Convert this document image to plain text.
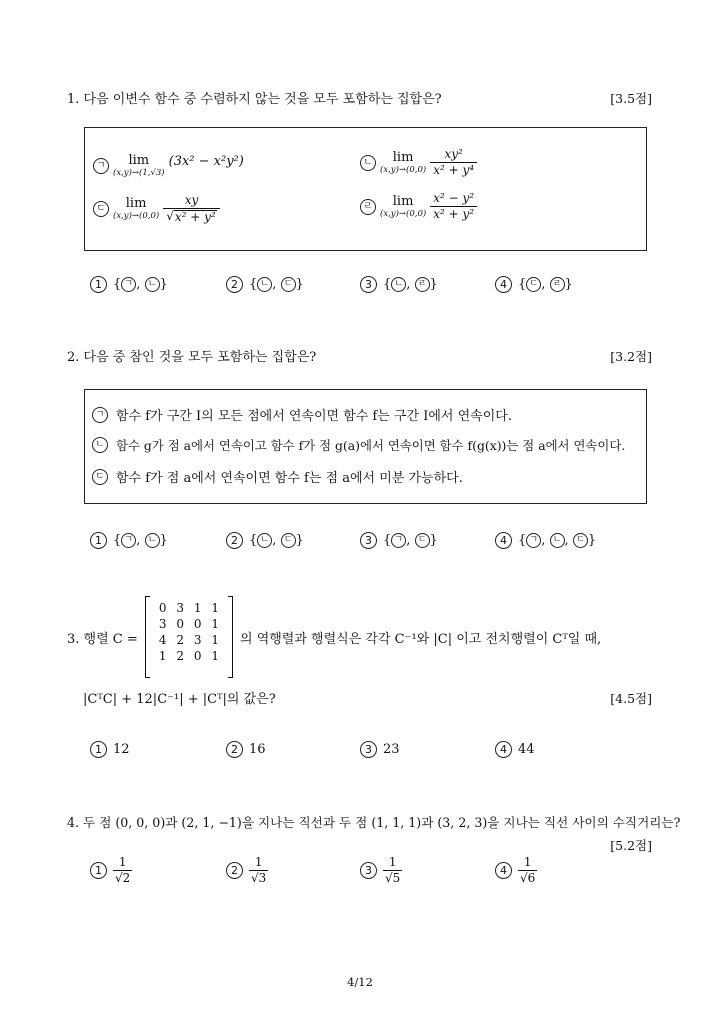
1. 다음 이변수 함수 중 수렴하지 않는 것을 모두 포함하는 집합은?	[3.5점]
ㄱ lim
(x,y)→(1,√3)
(3x² − x²y²)	ㄴ lim
$(x,y)\to(0,0) \frac{\text{xy²}}{\text{x² + y⁴}}$
ㄷ lim
$(x,y)\to(0,0) \frac{xy}{\text{√ x² + y²}}$	ㄹ lim
$(x,y)\to(0,0) \frac{\text{x² − y²}}{\text{x² + y²}}$
1 { ㄱ , ㄴ }	2 { ㄴ , ㄷ }	3 { ㄴ , ㄹ }	4 { ㄷ , ㄹ }
2. 다음 중 참인 것을 모두 포함하는 집합은?	[3.2점]
ㄱ 함수 f가 구간 I의 모든 점에서 연속이면 함수 f는 구간 I에서 연속이다.
ㄴ 함수 g가 점 a에서 연속이고 함수 f가 점 g(a)에서 연속이면 함수 f(g(x))는 점 a에서 연속이다.
ㄷ 함수 f가 점 a에서 연속이면 함수 f는 점 a에서 미분 가능하다.
1 { ㄱ , ㄴ }	2 { ㄴ , ㄷ }	3 { ㄱ , ㄷ }	4 { ㄱ , ㄴ , ㄷ }
3. 행렬 C =
0 3 1 1
3 0 0 1
4 2 3 1
1 2 0 1
의 역행렬과 행렬식은 각각 C⁻¹와 |C| 이고 전치행렬이 Cᵀ일 때,
|CᵀC| + 12|C⁻¹| + |Cᵀ|의 값은?	[4.5점]
1 12	2 16	3 23	4 44
4. 두 점 (0, 0, 0)과 (2, 1, −1)을 지나는 직선과 두 점 (1, 1, 1)과 (3, 2, 3)을 지나는 직선 사이의 수직거리는?
[5.2점]
1
1
√2
2
1
√3
3
1
√5
4
1
√6
4/12
